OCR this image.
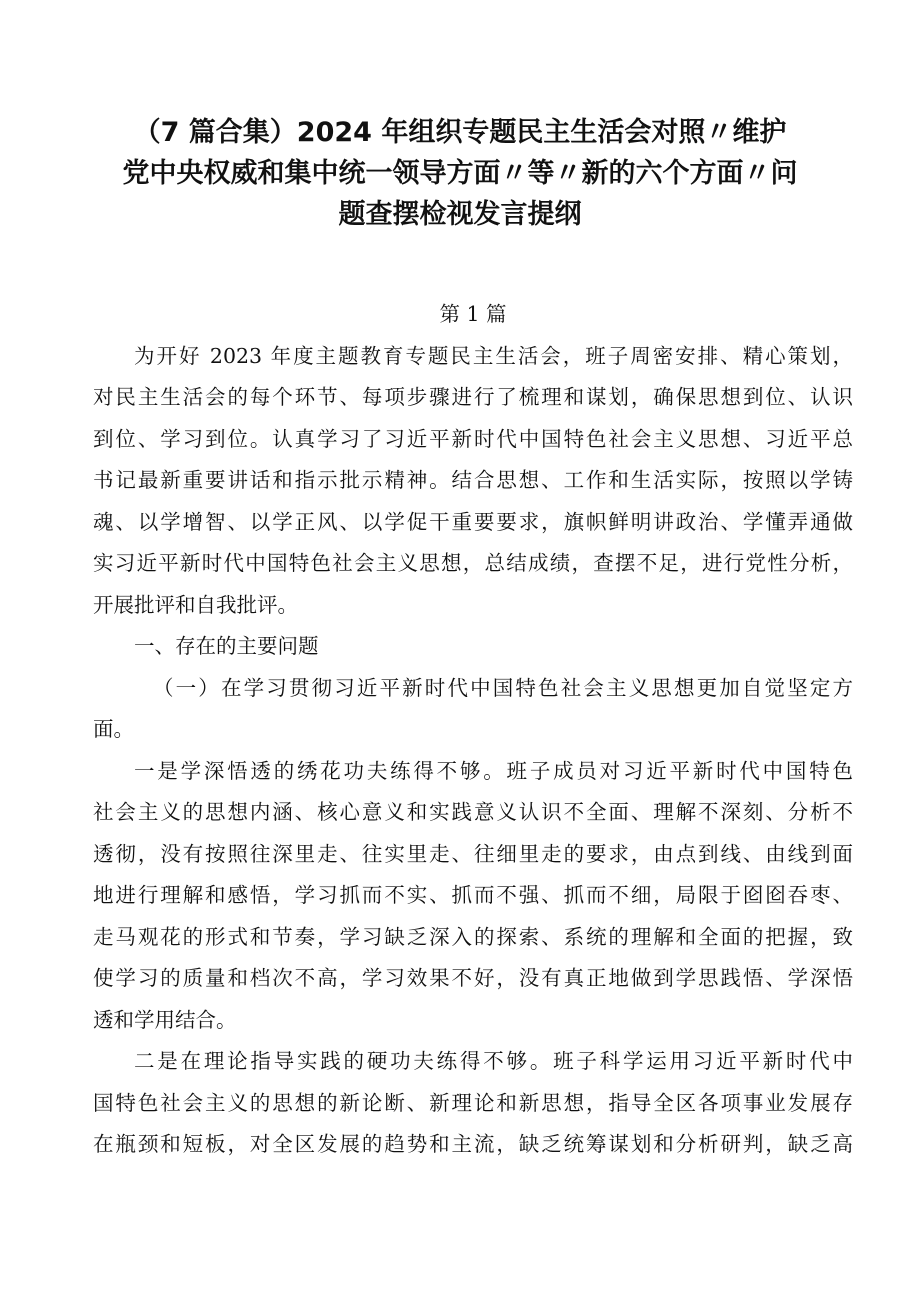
（7 篇合集）2024 年组织专题民主生活会对照〃维护
党中央权威和集中统一领导方面〃等〃新的六个方面〃问
题查摆检视发言提纲
第 1 篇
为开好 2023 年度主题教育专题民主生活会，班子周密安排、精心策划，
对民主生活会的每个环节、每项步骤进行了梳理和谋划，确保思想到位、认识
到位、学习到位。认真学习了习近平新时代中国特色社会主义思想、习近平总
书记最新重要讲话和指示批示精神。结合思想、工作和生活实际，按照以学铸
魂、以学增智、以学正风、以学促干重要要求，旗帜鲜明讲政治、学懂弄通做
实习近平新时代中国特色社会主义思想，总结成绩，查摆不足，进行党性分析，
开展批评和自我批评。
一、存在的主要问题
（一）在学习贯彻习近平新时代中国特色社会主义思想更加自觉坚定方
面。
一是学深悟透的绣花功夫练得不够。班子成员对习近平新时代中国特色
社会主义的思想内涵、核心意义和实践意义认识不全面、理解不深刻、分析不
透彻，没有按照往深里走、往实里走、往细里走的要求，由点到线、由线到面
地进行理解和感悟，学习抓而不实、抓而不强、抓而不细，局限于囵囵吞枣、
走马观花的形式和节奏，学习缺乏深入的探索、系统的理解和全面的把握，致
使学习的质量和档次不高，学习效果不好，没有真正地做到学思践悟、学深悟
透和学用结合。
二是在理论指导实践的硬功夫练得不够。班子科学运用习近平新时代中
国特色社会主义的思想的新论断、新理论和新思想，指导全区各项事业发展存
在瓶颈和短板，对全区发展的趋势和主流，缺乏统筹谋划和分析研判，缺乏高
